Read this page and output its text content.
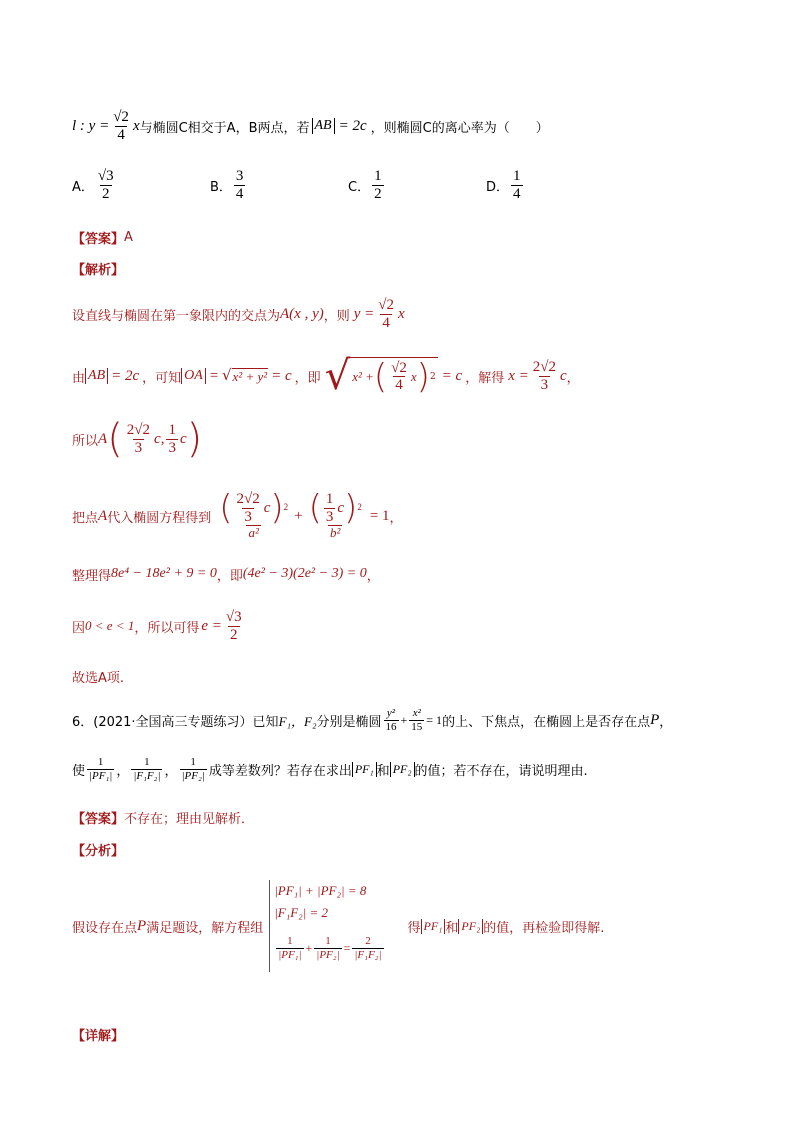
l : $y = \frac{√2}{4}$ x 与椭圆C相交于A，B两点，若 AB = 2c ，则椭圆C的离心率为（　　）
A． $\frac{√3}{2}$	B． $\frac{3}{4}$	C． $\frac{1}{2}$	D． $\frac{1}{4}$
【答案】 A
【解析】
设直线与椭圆在第一象限内的交点为 A(x , y) ，则 $y = \frac{√2}{4}$ x
由 AB = 2c ，可知 OA = √ x² + y² = c ，即 √ x² + ( $\frac{√2}{4}$ x ) 2 = c ，解得 $x = \frac{2√2}{3}$ c ，
所以 A ( $\frac{2√2}{3} c$, $\frac{1}{3}$ c )
把点 A 代入椭圆方程得到 $\frac{( \frac{2√2}{3} c ) 2}{\text{a²}} + \frac{( \frac{1}{3} c ) 2}{\text{b²}} = 1$ ，
整理得 8e⁴ − 18e² + 9 = 0 ，即 (4e² − 3)(2e² − 3) = 0 ，
因 0 < e < 1 ，所以可得 $e = \frac{√3}{2}$
故选A项.
6．(2021·全国高三专题练习）已知 F₁，F₂ 分别是椭圆 $\frac{\text{y²}}{16} + \frac{\text{x²}}{15} = 1$ 的上、下焦点，在椭圆上是否存在点 P ，
使 $\frac{1}{\text{|PF₁|}}$ ， $\frac{1}{\text{|F₁F₂|}}$ ， $\frac{1}{\text{|PF₂|}}$ 成等差数列？若存在求出 PF₁ 和 PF₂ 的值；若不存在，请说明理由.
【答案】 不存在；理由见解析．
【分析】
假设存在点 P 满足题设，解方程组
|PF₁| + |PF₂| = 8
|F₁F₂| = 2
$\frac{1}{\text{|PF₁|}} + \frac{1}{\text{|PF₂|}} = \frac{2}{\text{|F₁F₂|}}$
得 PF₁ 和 PF₂ 的值，再检验即得解.
【详解】
